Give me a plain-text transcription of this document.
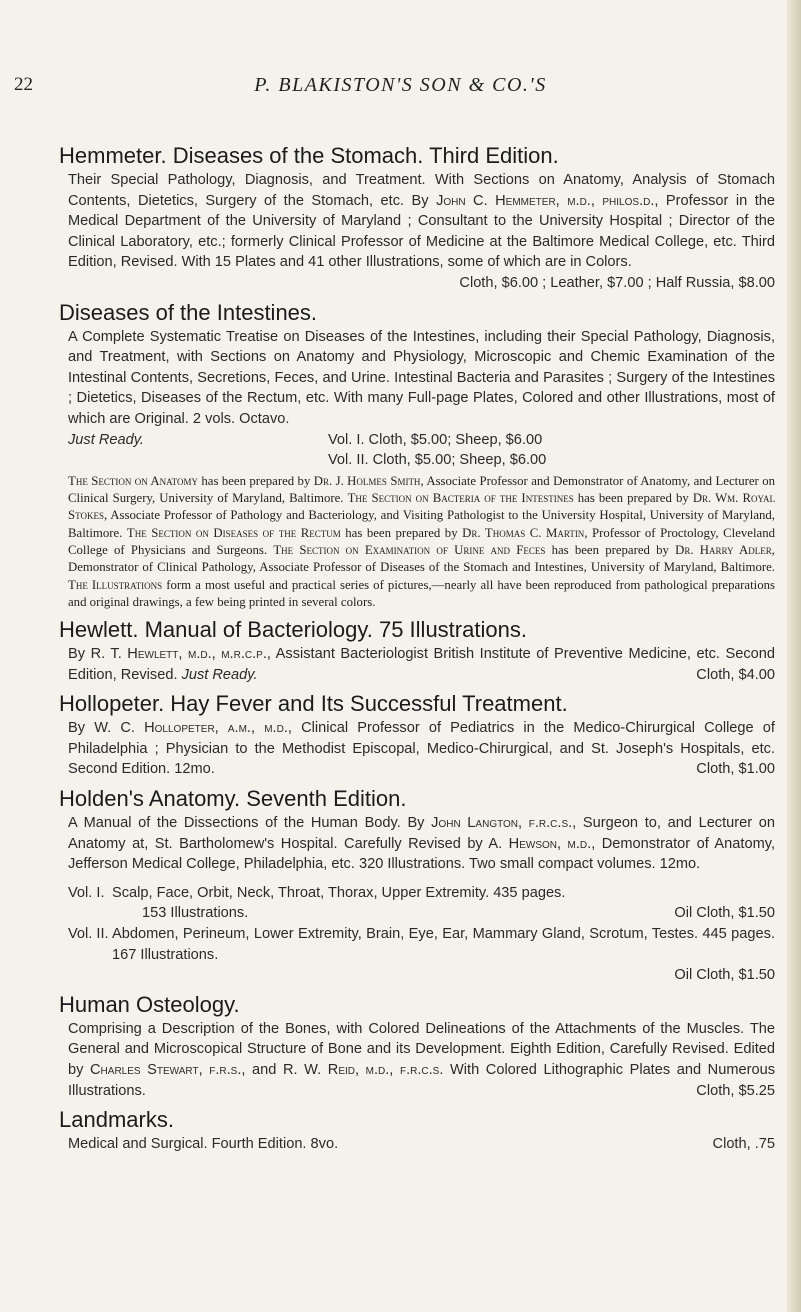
22	P. BLAKISTON'S SON & CO.'S
Hemmeter. Diseases of the Stomach. Third Edition.
Their Special Pathology, Diagnosis, and Treatment. With Sections on Anatomy, Analysis of Stomach Contents, Dietetics, Surgery of the Stomach, etc. By John C. Hemmeter, m.d., philos.d., Professor in the Medical Department of the University of Maryland ; Consultant to the University Hospital ; Director of the Clinical Laboratory, etc.; formerly Clinical Professor of Medicine at the Baltimore Medical College, etc. Third Edition, Revised. With 15 Plates and 41 other Illustrations, some of which are in Colors.
Cloth, $6.00 ; Leather, $7.00 ; Half Russia, $8.00
Diseases of the Intestines.
A Complete Systematic Treatise on Diseases of the Intestines, including their Special Pathology, Diagnosis, and Treatment, with Sections on Anatomy and Physiology, Microscopic and Chemic Examination of the Intestinal Contents, Secretions, Feces, and Urine. Intestinal Bacteria and Parasites ; Surgery of the Intestines ; Dietetics, Diseases of the Rectum, etc. With many Full-page Plates, Colored and other Illustrations, most of which are Original. 2 vols. Octavo.
Just Ready.	Vol. I. Cloth, $5.00; Sheep, $6.00
Vol. II. Cloth, $5.00; Sheep, $6.00
The Section on Anatomy has been prepared by Dr. J. Holmes Smith, Associate Professor and Demonstrator of Anatomy, and Lecturer on Clinical Surgery, University of Maryland, Baltimore. The Section on Bacteria of the Intestines has been prepared by Dr. Wm. Royal Stokes, Associate Professor of Pathology and Bacteriology, and Visiting Pathologist to the University Hospital, University of Maryland, Baltimore. The Section on Diseases of the Rectum has been prepared by Dr. Thomas C. Martin, Professor of Proctology, Cleveland College of Physicians and Surgeons. The Section on Examination of Urine and Feces has been prepared by Dr. Harry Adler, Demonstrator of Clinical Pathology, Associate Professor of Diseases of the Stomach and Intestines, University of Maryland, Baltimore. The Illustrations form a most useful and practical series of pictures,—nearly all have been reproduced from pathological preparations and original drawings, a few being printed in several colors.
Hewlett. Manual of Bacteriology. 75 Illustrations.
By R. T. Hewlett, m.d., m.r.c.p., Assistant Bacteriologist British Institute of Preventive Medicine, etc. Second Edition, Revised. Just Ready.	Cloth, $4.00
Hollopeter. Hay Fever and Its Successful Treatment.
By W. C. Hollopeter, a.m., m.d., Clinical Professor of Pediatrics in the Medico-Chirurgical College of Philadelphia ; Physician to the Methodist Episcopal, Medico-Chirurgical, and St. Joseph's Hospitals, etc. Second Edition. 12mo.	Cloth, $1.00
Holden's Anatomy. Seventh Edition.
A Manual of the Dissections of the Human Body. By John Langton, f.r.c.s., Surgeon to, and Lecturer on Anatomy at, St. Bartholomew's Hospital. Carefully Revised by A. Hewson, m.d., Demonstrator of Anatomy, Jefferson Medical College, Philadelphia, etc. 320 Illustrations. Two small compact volumes. 12mo.
Vol. I. Scalp, Face, Orbit, Neck, Throat, Thorax, Upper Extremity. 435 pages.
153 Illustrations.	Oil Cloth, $1.50
Vol. II. Abdomen, Perineum, Lower Extremity, Brain, Eye, Ear, Mammary Gland, Scrotum, Testes. 445 pages. 167 Illustrations.
Oil Cloth, $1.50
Human Osteology.
Comprising a Description of the Bones, with Colored Delineations of the Attachments of the Muscles. The General and Microscopical Structure of Bone and its Development. Eighth Edition, Carefully Revised. Edited by Charles Stewart, f.r.s., and R. W. Reid, m.d., f.r.c.s. With Colored Lithographic Plates and Numerous Illustrations.	Cloth, $5.25
Landmarks.
Medical and Surgical. Fourth Edition. 8vo.	Cloth, .75
